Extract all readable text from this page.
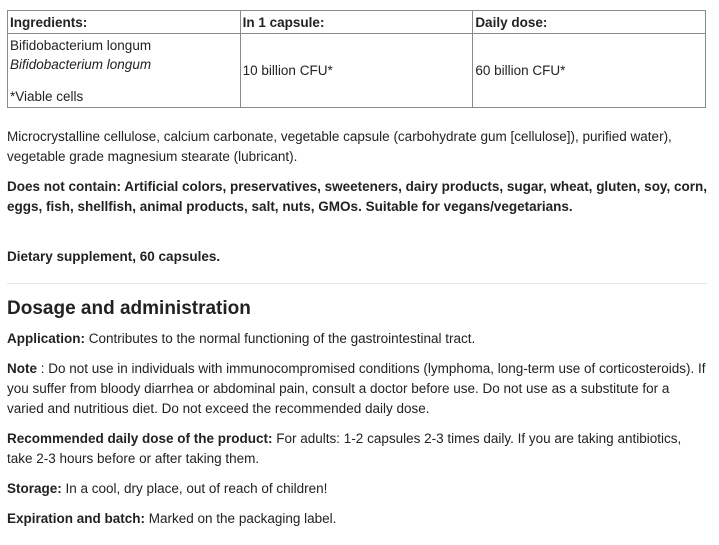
Ingredients:	In 1 capsule:	Daily dose:

Bifidobacterium longum
Bifidobacterium longum
*Viable cells	10 billion CFU*	60 billion CFU*

Microcrystalline cellulose, calcium carbonate, vegetable capsule (carbohydrate gum [cellulose]), purified water), vegetable grade magnesium stearate (lubricant).

Does not contain: Artificial colors, preservatives, sweeteners, dairy products, sugar, wheat, gluten, soy, corn, eggs, fish, shellfish, animal products, salt, nuts, GMOs. Suitable for vegans/vegetarians.

Dietary supplement, 60 capsules.

Dosage and administration

Application: Contributes to the normal functioning of the gastrointestinal tract.

Note : Do not use in individuals with immunocompromised conditions (lymphoma, long-term use of corticosteroids). If you suffer from bloody diarrhea or abdominal pain, consult a doctor before use. Do not use as a substitute for a varied and nutritious diet. Do not exceed the recommended daily dose.

Recommended daily dose of the product: For adults: 1-2 capsules 2-3 times daily. If you are taking antibiotics, take 2-3 hours before or after taking them.

Storage: In a cool, dry place, out of reach of children!

Expiration and batch: Marked on the packaging label.
